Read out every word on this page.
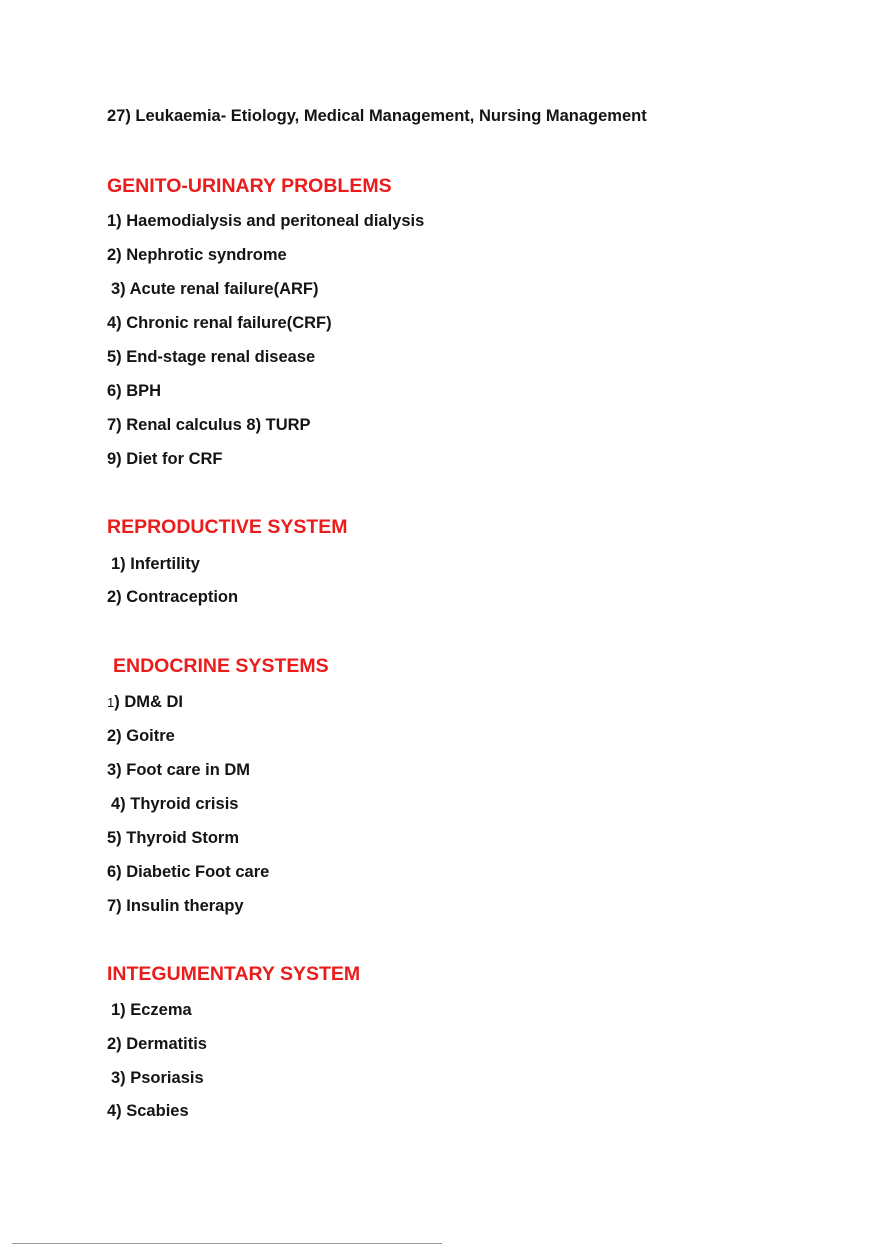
27) Leukaemia- Etiology, Medical Management, Nursing Management
GENITO-URINARY PROBLEMS
1) Haemodialysis and peritoneal dialysis
2) Nephrotic syndrome
3) Acute renal failure(ARF)
4) Chronic renal failure(CRF)
5) End-stage renal disease
6) BPH
7) Renal calculus 8) TURP
9) Diet for CRF
REPRODUCTIVE SYSTEM
1) Infertility
2) Contraception
ENDOCRINE SYSTEMS
1) DM& DI
2) Goitre
3) Foot care in DM
4) Thyroid crisis
5) Thyroid Storm
6) Diabetic Foot care
7) Insulin therapy
INTEGUMENTARY SYSTEM
1) Eczema
2) Dermatitis
3) Psoriasis
4) Scabies
